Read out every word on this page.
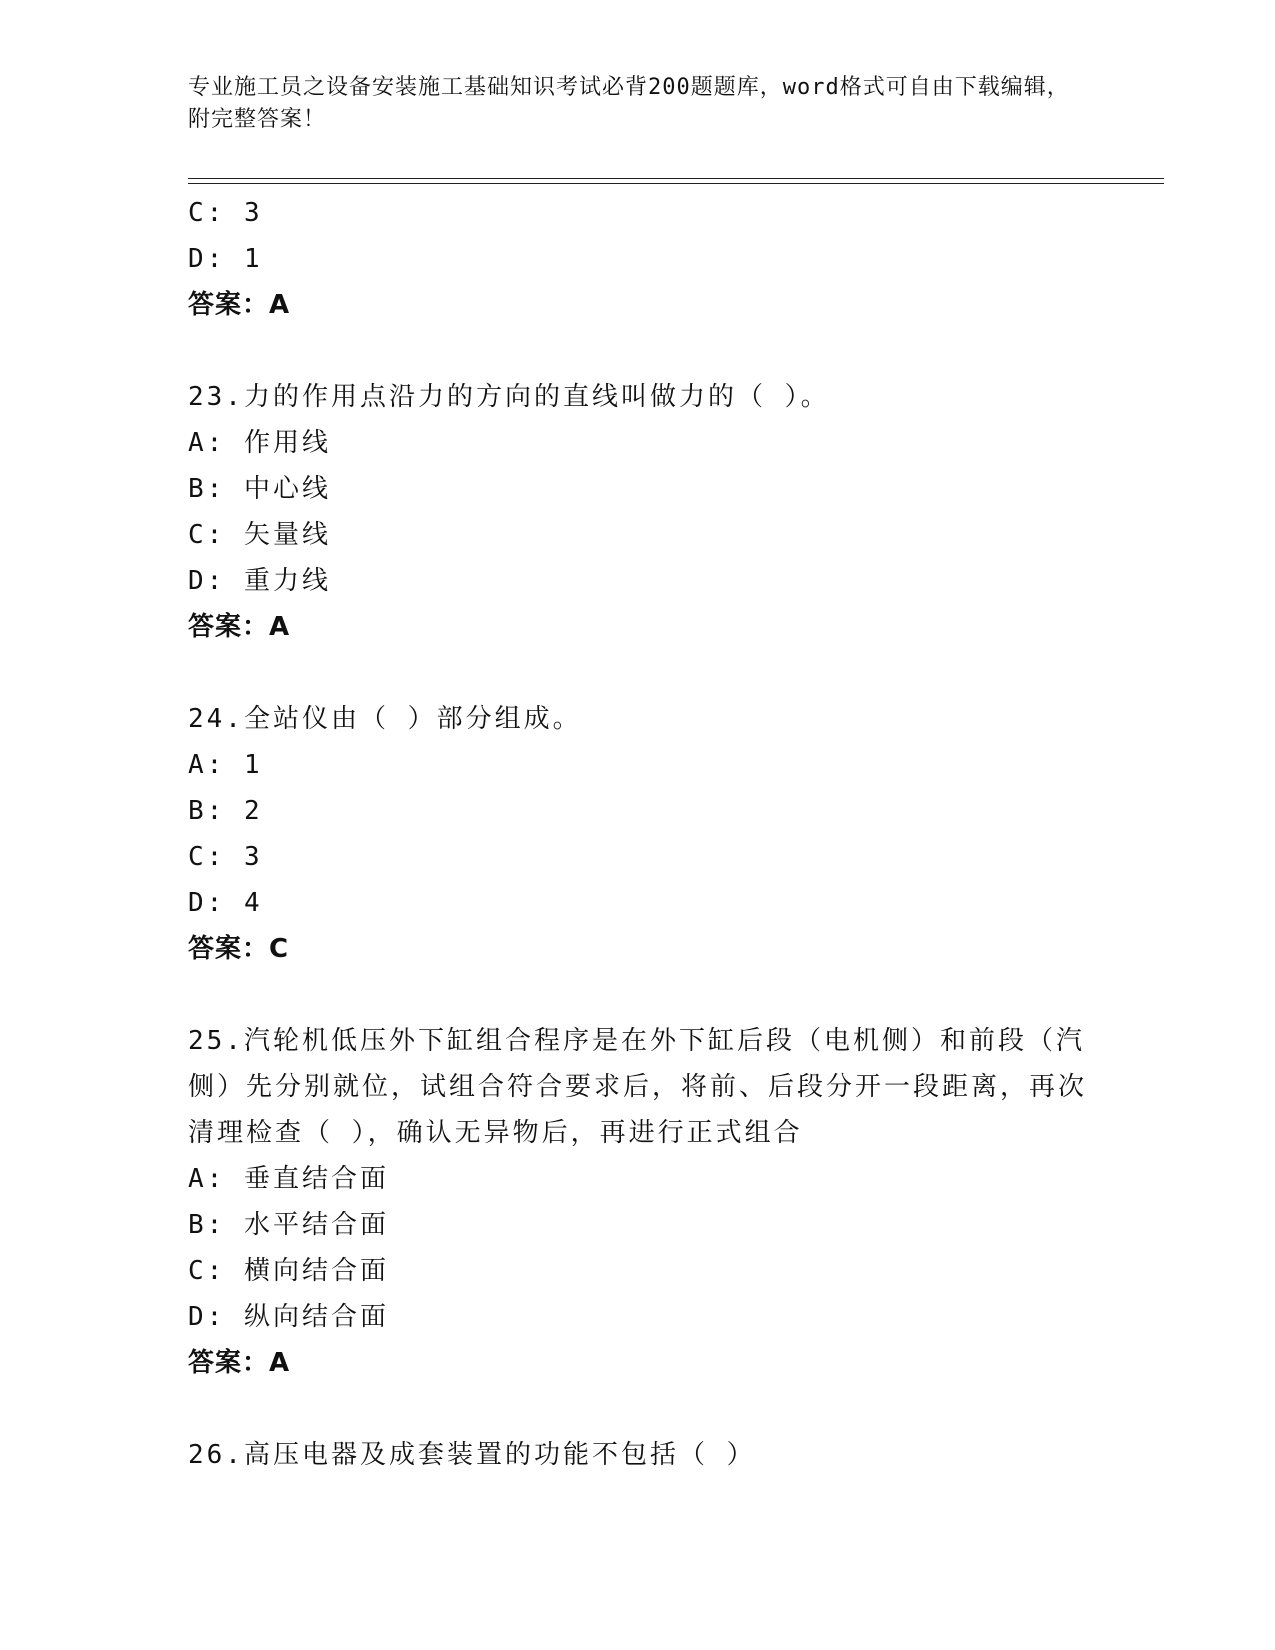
专业施工员之设备安装施工基础知识考试必背200题题库，word格式可自由下载编辑，附完整答案！
C: 3
D: 1
答案：A
23.力的作用点沿力的方向的直线叫做力的（ ）。
A: 作用线
B: 中心线
C: 矢量线
D: 重力线
答案：A
24.全站仪由（ ）部分组成。
A: 1
B: 2
C: 3
D: 4
答案：C
25.汽轮机低压外下缸组合程序是在外下缸后段（电机侧）和前段（汽侧）先分别就位，试组合符合要求后，将前、后段分开一段距离，再次清理检查（ ），确认无异物后，再进行正式组合
A: 垂直结合面
B: 水平结合面
C: 横向结合面
D: 纵向结合面
答案：A
26.高压电器及成套装置的功能不包括（ ）
